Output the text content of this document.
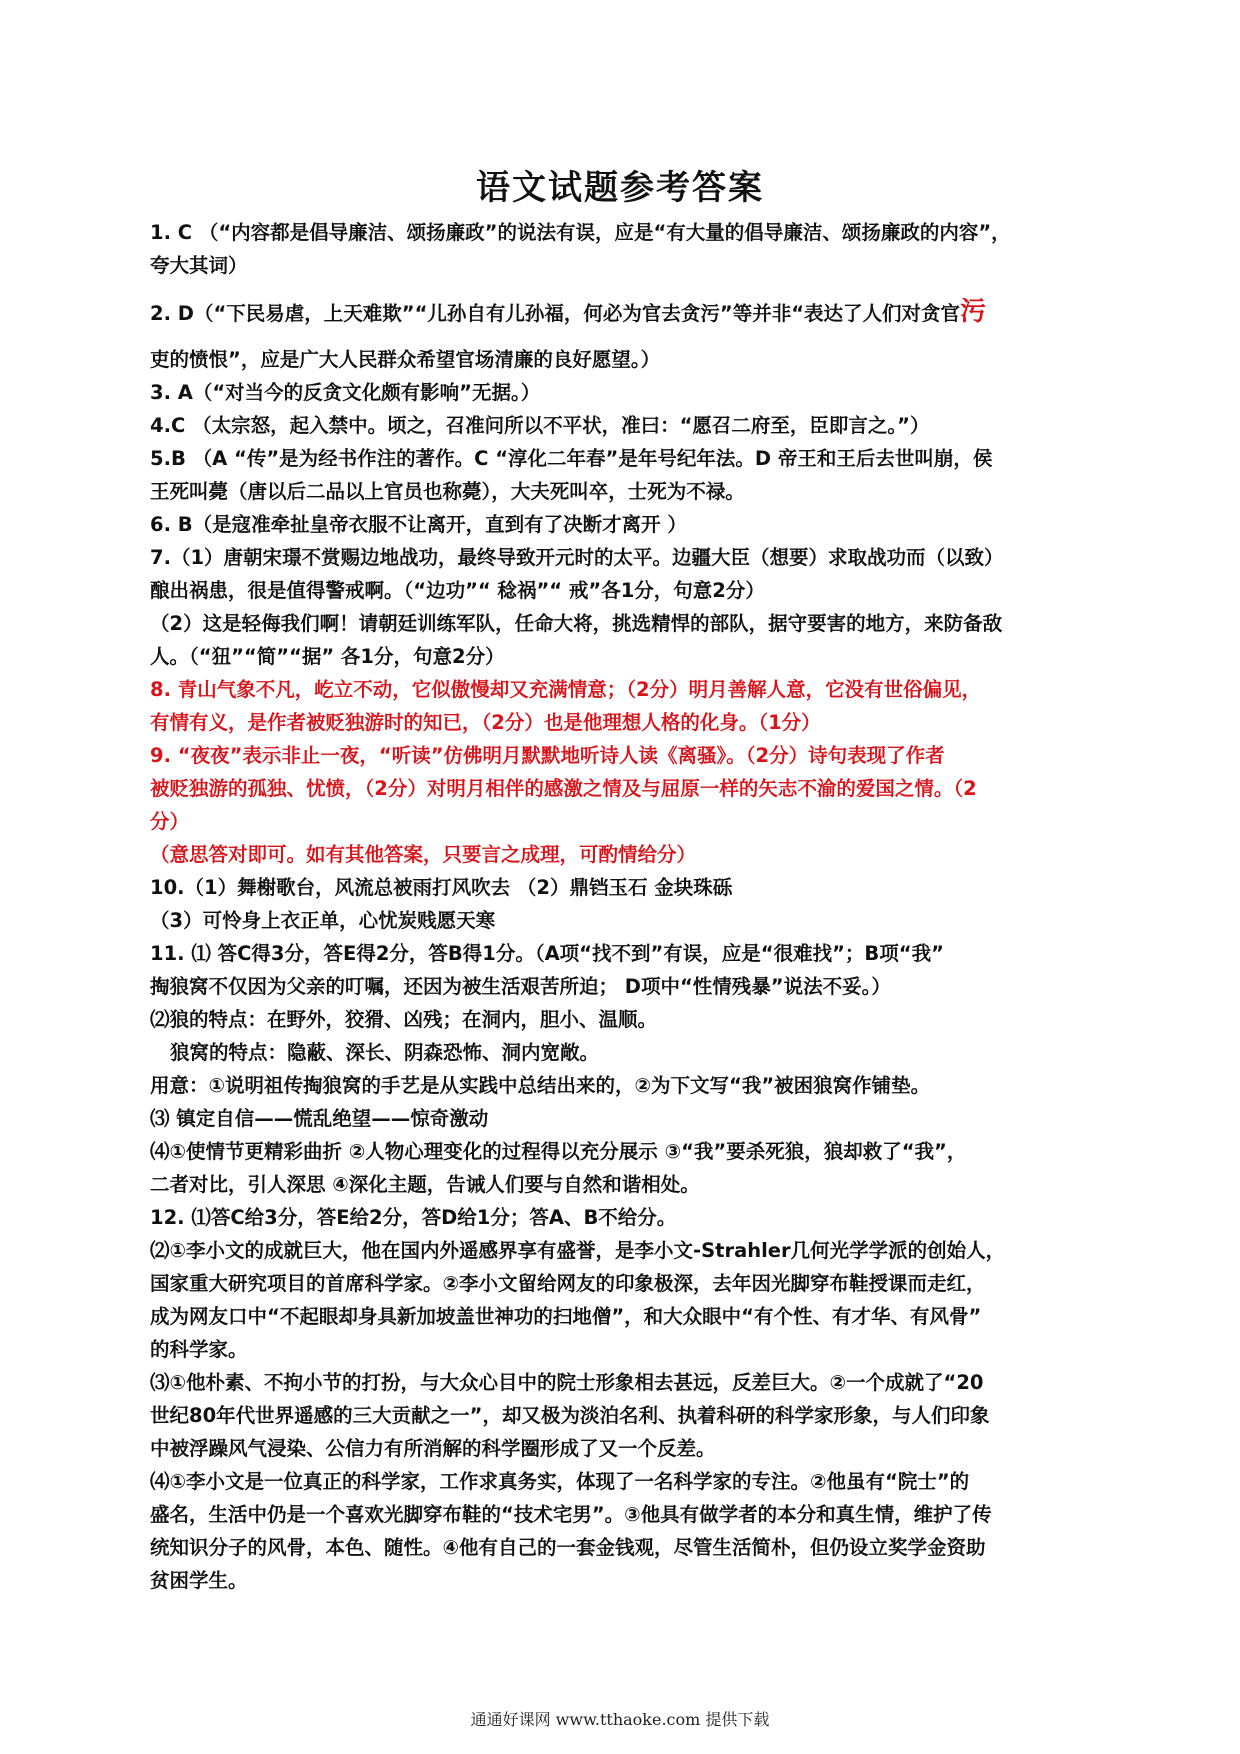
语文试题参考答案
1. C （“内容都是倡导廉洁、颂扬廉政”的说法有误，应是“有大量的倡导廉洁、颂扬廉政的内容”，
夸大其词）
2. D（“下民易虐，上天难欺”“儿孙自有儿孙福，何必为官去贪污”等并非“表达了人们对贪官污
吏的愤恨”，应是广大人民群众希望官场清廉的良好愿望。）
3. A（“对当今的反贪文化颇有影响”无据。）
4.C （太宗怒，起入禁中。顷之，召准问所以不平状，准曰：“愿召二府至，臣即言之。”）
5.B （A “传”是为经书作注的著作。C “淳化二年春”是年号纪年法。D 帝王和王后去世叫崩，侯
王死叫薨（唐以后二品以上官员也称薨），大夫死叫卒，士死为不禄。
6. B（是寇准牵扯皇帝衣服不让离开，直到有了决断才离开 ）
7.（1）唐朝宋璟不赏赐边地战功，最终导致开元时的太平。边疆大臣（想要）求取战功而（以致）
酿出祸患，很是值得警戒啊。（“边功”“ 稔祸”“ 戒”各1分，句意2分）
（2）这是轻侮我们啊！请朝廷训练军队，任命大将，挑选精悍的部队，据守要害的地方，来防备敌
人。（“狃”“简”“据” 各1分，句意2分）
8. 青山气象不凡，屹立不动，它似傲慢却又充满情意；（2分）明月善解人意，它没有世俗偏见，
有情有义，是作者被贬独游时的知已，（2分）也是他理想人格的化身。（1分）
9. “夜夜”表示非止一夜，“听读”仿佛明月默默地听诗人读《离骚》。（2分）诗句表现了作者
被贬独游的孤独、忧愤，（2分）对明月相伴的感激之情及与屈原一样的矢志不渝的爱国之情。（2
分）
（意思答对即可。如有其他答案，只要言之成理，可酌情给分）
10.（1）舞榭歌台，风流总被雨打风吹去 （2）鼎铛玉石 金块珠砾
（3）可怜身上衣正单，心忧炭贱愿天寒
11. ⑴ 答C得3分，答E得2分，答B得1分。（A项“找不到”有误，应是“很难找”；B项“我”
掏狼窝不仅因为父亲的叮嘱，还因为被生活艰苦所迫； D项中“性情残暴”说法不妥。）
⑵狼的特点：在野外，狡猾、凶残；在洞内，胆小、温顺。
狼窝的特点：隐蔽、深长、阴森恐怖、洞内宽敞。
用意：①说明祖传掏狼窝的手艺是从实践中总结出来的，②为下文写“我”被困狼窝作铺垫。
⑶ 镇定自信——慌乱绝望——惊奇激动
⑷①使情节更精彩曲折 ②人物心理变化的过程得以充分展示 ③“我”要杀死狼，狼却救了“我”，
二者对比，引人深思 ④深化主题，告诫人们要与自然和谐相处。
12. ⑴答C给3分，答E给2分，答D给1分；答A、B不给分。
⑵①李小文的成就巨大，他在国内外遥感界享有盛誉，是李小文-Strahler几何光学学派的创始人，
国家重大研究项目的首席科学家。②李小文留给网友的印象极深，去年因光脚穿布鞋授课而走红，
成为网友口中“不起眼却身具新加坡盖世神功的扫地僧”，和大众眼中“有个性、有才华、有风骨”
的科学家。
⑶①他朴素、不拘小节的打扮，与大众心目中的院士形象相去甚远，反差巨大。②一个成就了“20
世纪80年代世界遥感的三大贡献之一”，却又极为淡泊名利、执着科研的科学家形象，与人们印象
中被浮躁风气浸染、公信力有所消解的科学圈形成了又一个反差。
⑷①李小文是一位真正的科学家，工作求真务实，体现了一名科学家的专注。②他虽有“院士”的
盛名，生活中仍是一个喜欢光脚穿布鞋的“技术宅男”。③他具有做学者的本分和真生情，维护了传
统知识分子的风骨，本色、随性。④他有自己的一套金钱观，尽管生活简朴，但仍设立奖学金资助
贫困学生。
通通好课网 www.tthaoke.com 提供下载
